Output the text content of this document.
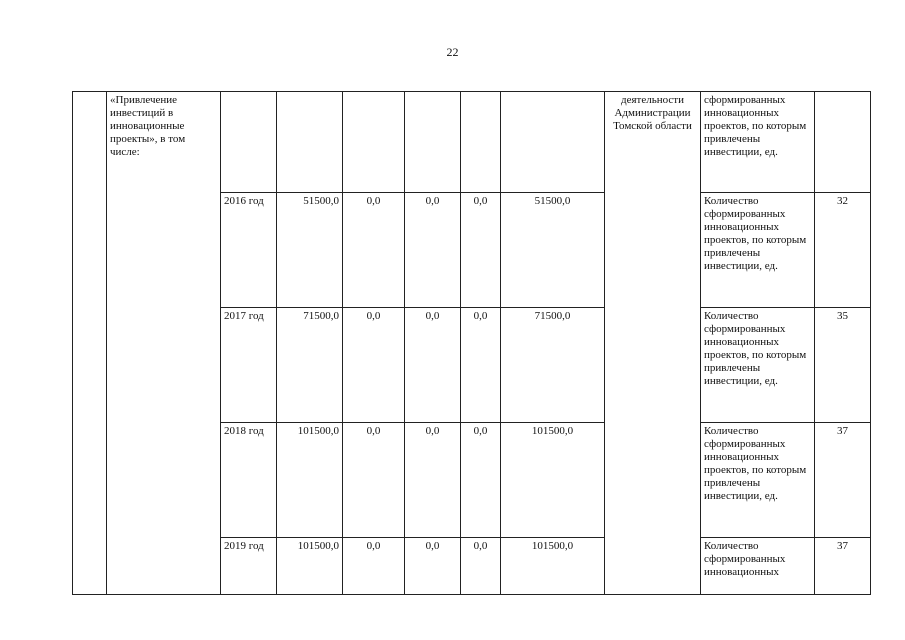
22
	«Привлечение инвестиций в инновационные проекты», в том числе:							деятельности Администрации Томской области	сформированных инновационных проектов, по которым привлечены инвестиции, ед.	
		2016 год	51500,0	0,0	0,0	0,0	51500,0		Количество сформированных инновационных проектов, по которым привлечены инвестиции, ед.	32
		2017 год	71500,0	0,0	0,0	0,0	71500,0		Количество сформированных инновационных проектов, по которым привлечены инвестиции, ед.	35
		2018 год	101500,0	0,0	0,0	0,0	101500,0		Количество сформированных инновационных проектов, по которым привлечены инвестиции, ед.	37
		2019 год	101500,0	0,0	0,0	0,0	101500,0		Количество сформированных инновационных	37
